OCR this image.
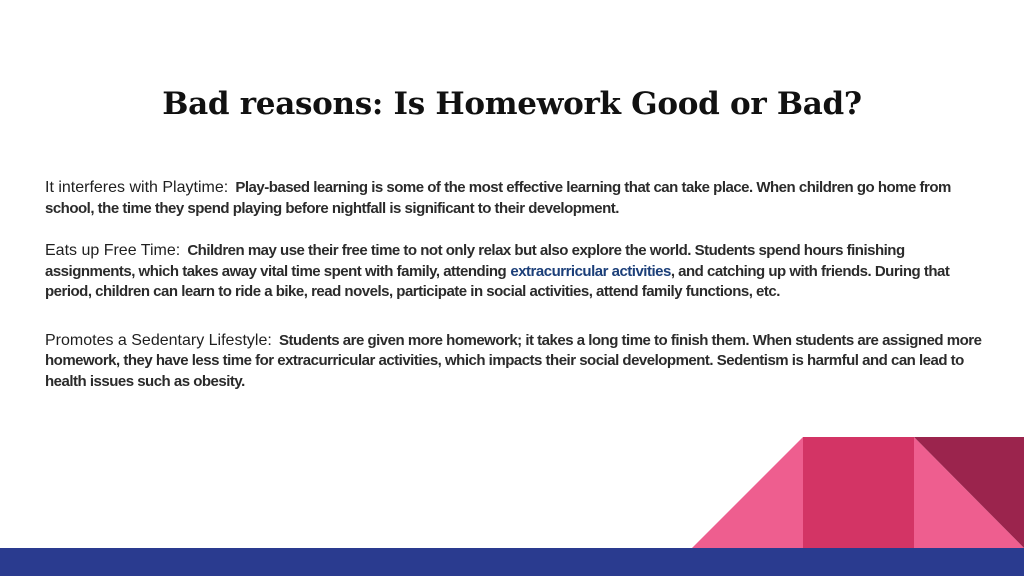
Bad reasons: Is Homework Good or Bad?

It interferes with Playtime: Play-based learning is some of the most effective learning that can take place. When children go home from school, the time they spend playing before nightfall is significant to their development.

Eats up Free Time: Children may use their free time to not only relax but also explore the world. Students spend hours finishing assignments, which takes away vital time spent with family, attending extracurricular activities, and catching up with friends. During that period, children can learn to ride a bike, read novels, participate in social activities, attend family functions, etc.

Promotes a Sedentary Lifestyle: Students are given more homework; it takes a long time to finish them. When students are assigned more homework, they have less time for extracurricular activities, which impacts their social development. Sedentism is harmful and can lead to health issues such as obesity.
